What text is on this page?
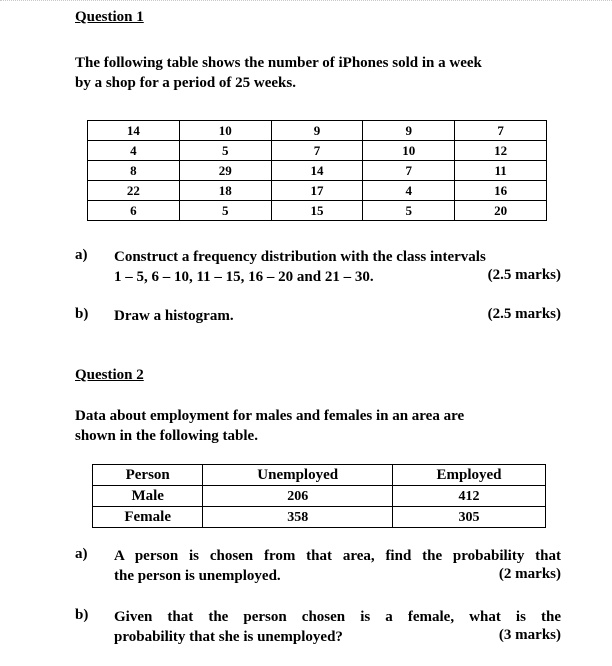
Question 1
The following table shows the number of iPhones sold in a week
by a shop for a period of 25 weeks.
14	10	9	9	7
4	5	7	10	12
8	29	14	7	11
22	18	17	4	16
6	5	15	5	20
a) Construct a frequency distribution with the class intervals
1 – 5, 6 – 10, 11 – 15, 16 – 20 and 21 – 30.	(2.5 marks)
b) Draw a histogram.	(2.5 marks)
Question 2
Data about employment for males and females in an area are
shown in the following table.
Person	Unemployed	Employed
Male	206	412
Female	358	305
a) A person is chosen from that area, find the probability that
the person is unemployed.	(2 marks)
b) Given that the person chosen is a female, what is the
probability that she is unemployed?	(3 marks)
